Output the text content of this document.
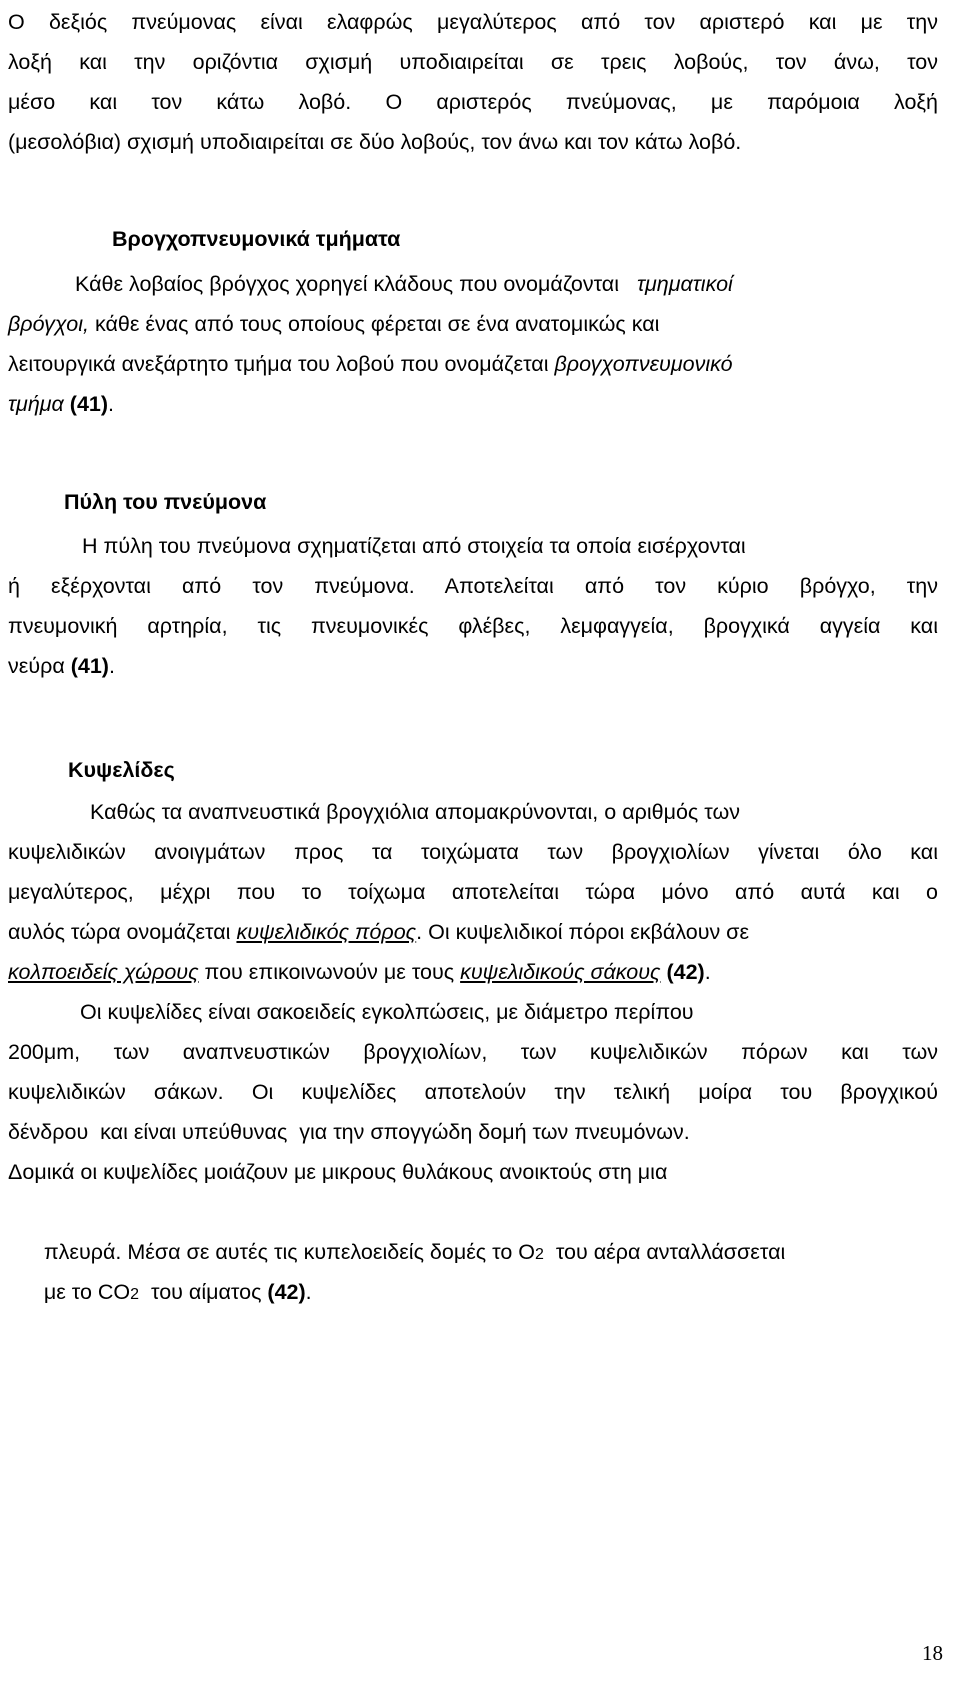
Ο δεξιός πνεύμονας είναι ελαφρώς μεγαλύτερος από τον αριστερό και με την
λοξή και την οριζόντια σχισμή υποδιαιρείται σε τρεις λοβούς, τον άνω, τον
μέσο και τον κάτω λοβό. Ο αριστερός πνεύμονας, με παρόμοια λοξή
(μεσολόβια) σχισμή υποδιαιρείται σε δύο λοβούς, τον άνω και τον κάτω λοβό.
Βρογχοπνευμονικά τμήματα
Κάθε λοβαίος βρόγχος χορηγεί κλάδους που ονομάζονται τμηματικοί
βρόγχοι, κάθε ένας από τους οποίους φέρεται σε ένα ανατομικώς και
λειτουργικά ανεξάρτητο τμήμα του λοβού που ονομάζεται βρογχοπνευμονικό
τμήμα (41).
Πύλη του πνεύμονα
Η πύλη του πνεύμονα σχηματίζεται από στοιχεία τα οποία εισέρχονται
ή εξέρχονται από τον πνεύμονα. Αποτελείται από τον κύριο βρόγχο, την
πνευμονική αρτηρία, τις πνευμονικές φλέβες, λεμφαγγεία, βρογχικά αγγεία και
νεύρα (41).
Κυψελίδες
Καθώς τα αναπνευστικά βρογχιόλια απομακρύνονται, ο αριθμός των
κυψελιδικών ανοιγμάτων προς τα τοιχώματα των βρογχιολίων γίνεται όλο και
μεγαλύτερος, μέχρι που το τοίχωμα αποτελείται τώρα μόνο από αυτά και ο
αυλός τώρα ονομάζεται κυψελιδικός πόρος. Οι κυψελιδικοί πόροι εκβάλουν σε
κολποειδείς χώρους που επικοινωνούν με τους κυψελιδικούς σάκους (42).
Οι κυψελίδες είναι σακοειδείς εγκολπώσεις, με διάμετρο περίπου
200μm, των αναπνευστικών βρογχιολίων, των κυψελιδικών πόρων και των
κυψελιδικών σάκων. Οι κυψελίδες αποτελούν την τελική μοίρα του βρογχικού
δένδρου  και είναι υπεύθυνας  για την σπογγώδη δομή των πνευμόνων.
Δομικά οι κυψελίδες μοιάζουν με μικρους θυλάκους ανοικτούς στη μια

πλευρά. Μέσα σε αυτές τις κυπελοειδείς δομές το O2  του αέρα ανταλλάσσεται

με το CO2  του αίματος (42).

18
